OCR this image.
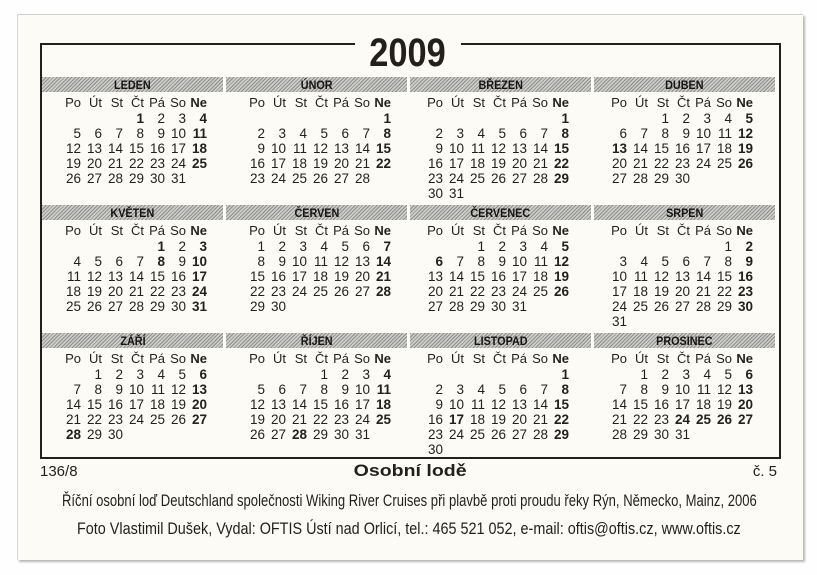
2009
LEDEN
Po Út St Čt Pá So Ne
1 2 3 4
5 6 7 8 9 10 11
12 13 14 15 16 17 18
19 20 21 22 23 24 25
26 27 28 29 30 31
ÚNOR
Po Út St Čt Pá So Ne
1
2 3 4 5 6 7 8
9 10 11 12 13 14 15
16 17 18 19 20 21 22
23 24 25 26 27 28
BŘEZEN
Po Út St Čt Pá So Ne
1
2 3 4 5 6 7 8
9 10 11 12 13 14 15
16 17 18 19 20 21 22
23 24 25 26 27 28 29
30 31
DUBEN
Po Út St Čt Pá So Ne
1 2 3 4 5
6 7 8 9 10 11 12
13 14 15 16 17 18 19
20 21 22 23 24 25 26
27 28 29 30
KVĚTEN
Po Út St Čt Pá So Ne
1 2 3
4 5 6 7 8 9 10
11 12 13 14 15 16 17
18 19 20 21 22 23 24
25 26 27 28 29 30 31
ČERVEN
Po Út St Čt Pá So Ne
1 2 3 4 5 6 7
8 9 10 11 12 13 14
15 16 17 18 19 20 21
22 23 24 25 26 27 28
29 30
ČERVENEC
Po Út St Čt Pá So Ne
1 2 3 4 5
6 7 8 9 10 11 12
13 14 15 16 17 18 19
20 21 22 23 24 25 26
27 28 29 30 31
SRPEN
Po Út St Čt Pá So Ne
1 2
3 4 5 6 7 8 9
10 11 12 13 14 15 16
17 18 19 20 21 22 23
24 25 26 27 28 29 30
31
ZÁŘÍ
Po Út St Čt Pá So Ne
1 2 3 4 5 6
7 8 9 10 11 12 13
14 15 16 17 18 19 20
21 22 23 24 25 26 27
28 29 30
ŘÍJEN
Po Út St Čt Pá So Ne
1 2 3 4
5 6 7 8 9 10 11
12 13 14 15 16 17 18
19 20 21 22 23 24 25
26 27 28 29 30 31
LISTOPAD
Po Út St Čt Pá So Ne
1
2 3 4 5 6 7 8
9 10 11 12 13 14 15
16 17 18 19 20 21 22
23 24 25 26 27 28 29
30
PROSINEC
Po Út St Čt Pá So Ne
1 2 3 4 5 6
7 8 9 10 11 12 13
14 15 16 17 18 19 20
21 22 23 24 25 26 27
28 29 30 31
136/8	Osobní lodě	č. 5
Říční osobní loď Deutschland společnosti Wiking River Cruises při plavbě proti proudu řeky Rýn, Německo, Mainz, 2006
Foto Vlastimil Dušek, Vydal: OFTIS Ústí nad Orlicí, tel.: 465 521 052, e-mail: oftis@oftis.cz, www.oftis.cz
